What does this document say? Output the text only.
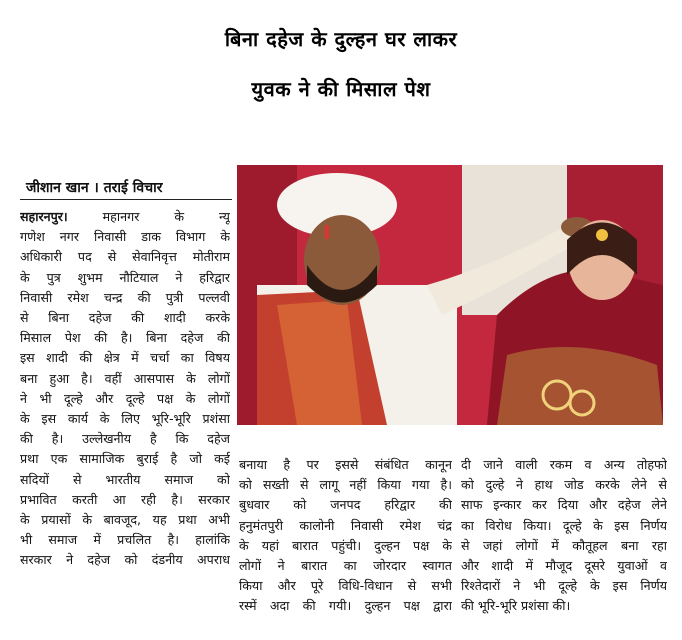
बिना दहेज के दुल्हन घर लाकर
युवक ने की मिसाल पेश
जीशान खान । तराई विचार
सहारनपुर।	महानगर के न्यू
गणेश नगर निवासी डाक विभाग के
अधिकारी पद से सेवानिवृत्त मोतीराम
के पुत्र शुभम नौटियाल ने हरिद्वार
निवासी रमेश चन्द्र की पुत्री पल्लवी
से बिना दहेज की शादी करके
मिसाल पेश की है। बिना दहेज की
इस शादी की क्षेत्र में चर्चा का विषय
बना हुआ है। वहीं आसपास के लोगों
ने भी दूल्हे और दूल्हे पक्ष के लोगों
के इस कार्य के लिए भूरि-भूरि प्रशंसा
की है। उल्लेखनीय है कि दहेज
प्रथा एक सामाजिक बुराई है जो कई
सदियों से भारतीय समाज को
प्रभावित करती आ रही है। सरकार
के प्रयासों के बावजूद, यह प्रथा अभी
भी समाज में प्रचलित है। हालांकि
सरकार ने दहेज को दंडनीय अपराध
बनाया है पर इससे संबंधित कानून
को सख्ती से लागू नहीं किया गया है।
बुधवार को जनपद हरिद्वार की
हनुमंतपुरी कालोनी निवासी रमेश चंद्र
के यहां बारात पहुंची। दुल्हन पक्ष के
लोगों ने बारात का जोरदार स्वागत
किया और पूरे विधि-विधान से सभी
रस्में अदा की गयी। दुल्हन पक्ष द्वारा
दी जाने वाली रकम व अन्य तोहफो
को दुल्हे ने हाथ जोड करके लेने से
साफ इन्कार कर दिया और दहेज लेने
का विरोध किया। दूल्हे के इस निर्णय
से जहां लोगों में कौतूहल बना रहा
और शादी में मौजूद दूसरे युवाओं व
रिश्तेदारों ने भी दूल्हे के इस निर्णय
की भूरि-भूरि प्रशंसा की।
